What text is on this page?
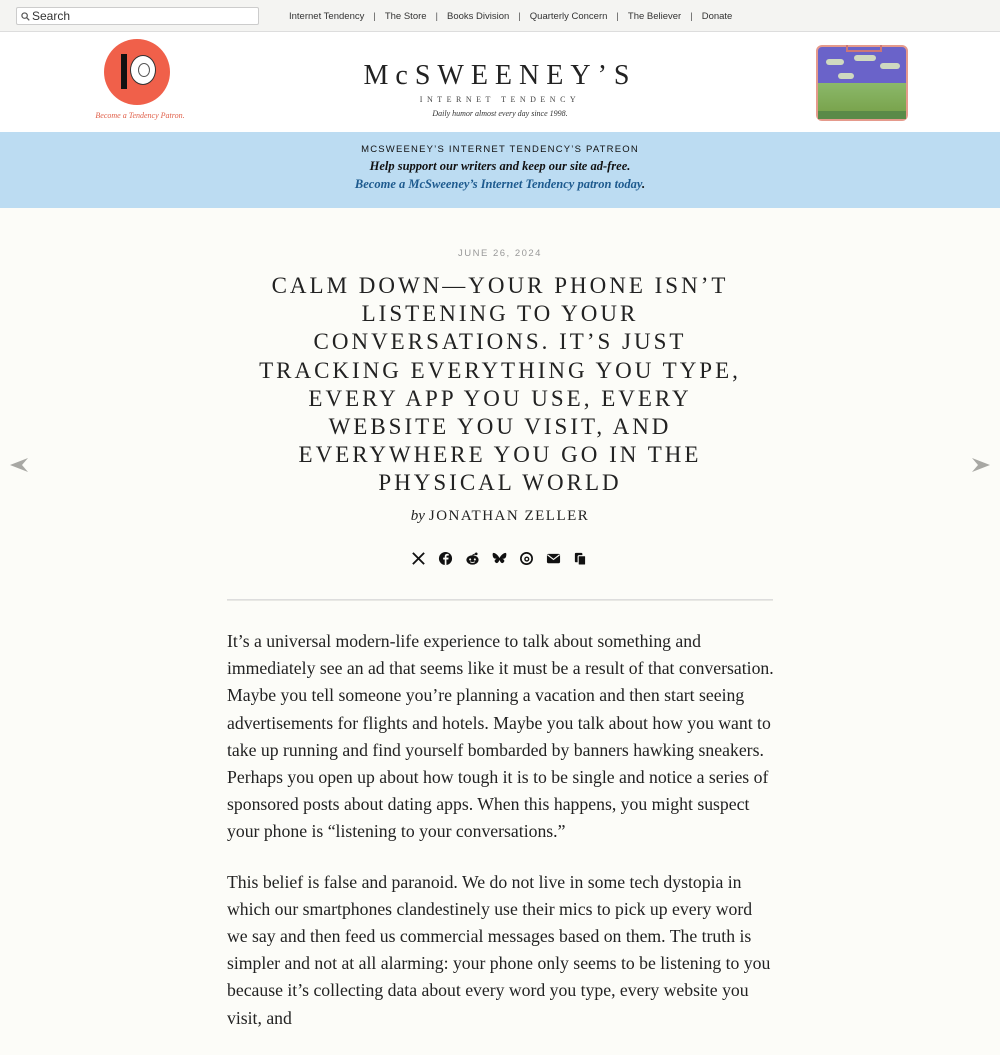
Search	Internet Tendency | The Store | Books Division | Quarterly Concern | The Believer | Donate
Become a Tendency Patron.
McSWEENEY’S
INTERNET TENDENCY
Daily humor almost every day since 1998.
MCSWEENEY’S INTERNET TENDENCY’S PATREON
Help support our writers and keep our site ad-free.
Become a McSweeney’s Internet Tendency patron today.
JUNE 26, 2024
CALM DOWN—YOUR PHONE ISN’T
LISTENING TO YOUR
CONVERSATIONS. IT’S JUST
TRACKING EVERYTHING YOU TYPE,
EVERY APP YOU USE, EVERY
WEBSITE YOU VISIT, AND
EVERYWHERE YOU GO IN THE
PHYSICAL WORLD
by JONATHAN ZELLER

It’s a universal modern-life experience to talk about something and immediately see an ad that seems like it must be a result of that conversation. Maybe you tell someone you’re planning a vacation and then start seeing advertisements for flights and hotels. Maybe you talk about how you want to take up running and find yourself bombarded by banners hawking sneakers. Perhaps you open up about how tough it is to be single and notice a series of sponsored posts about dating apps. When this happens, you might suspect your phone is “listening to your conversations.”

This belief is false and paranoid. We do not live in some tech dystopia in which our smartphones clandestinely use their mics to pick up every word we say and then feed us commercial messages based on them. The truth is simpler and not at all alarming: your phone only seems to be listening to you because it’s collecting data about every word you type, every website you visit, and
